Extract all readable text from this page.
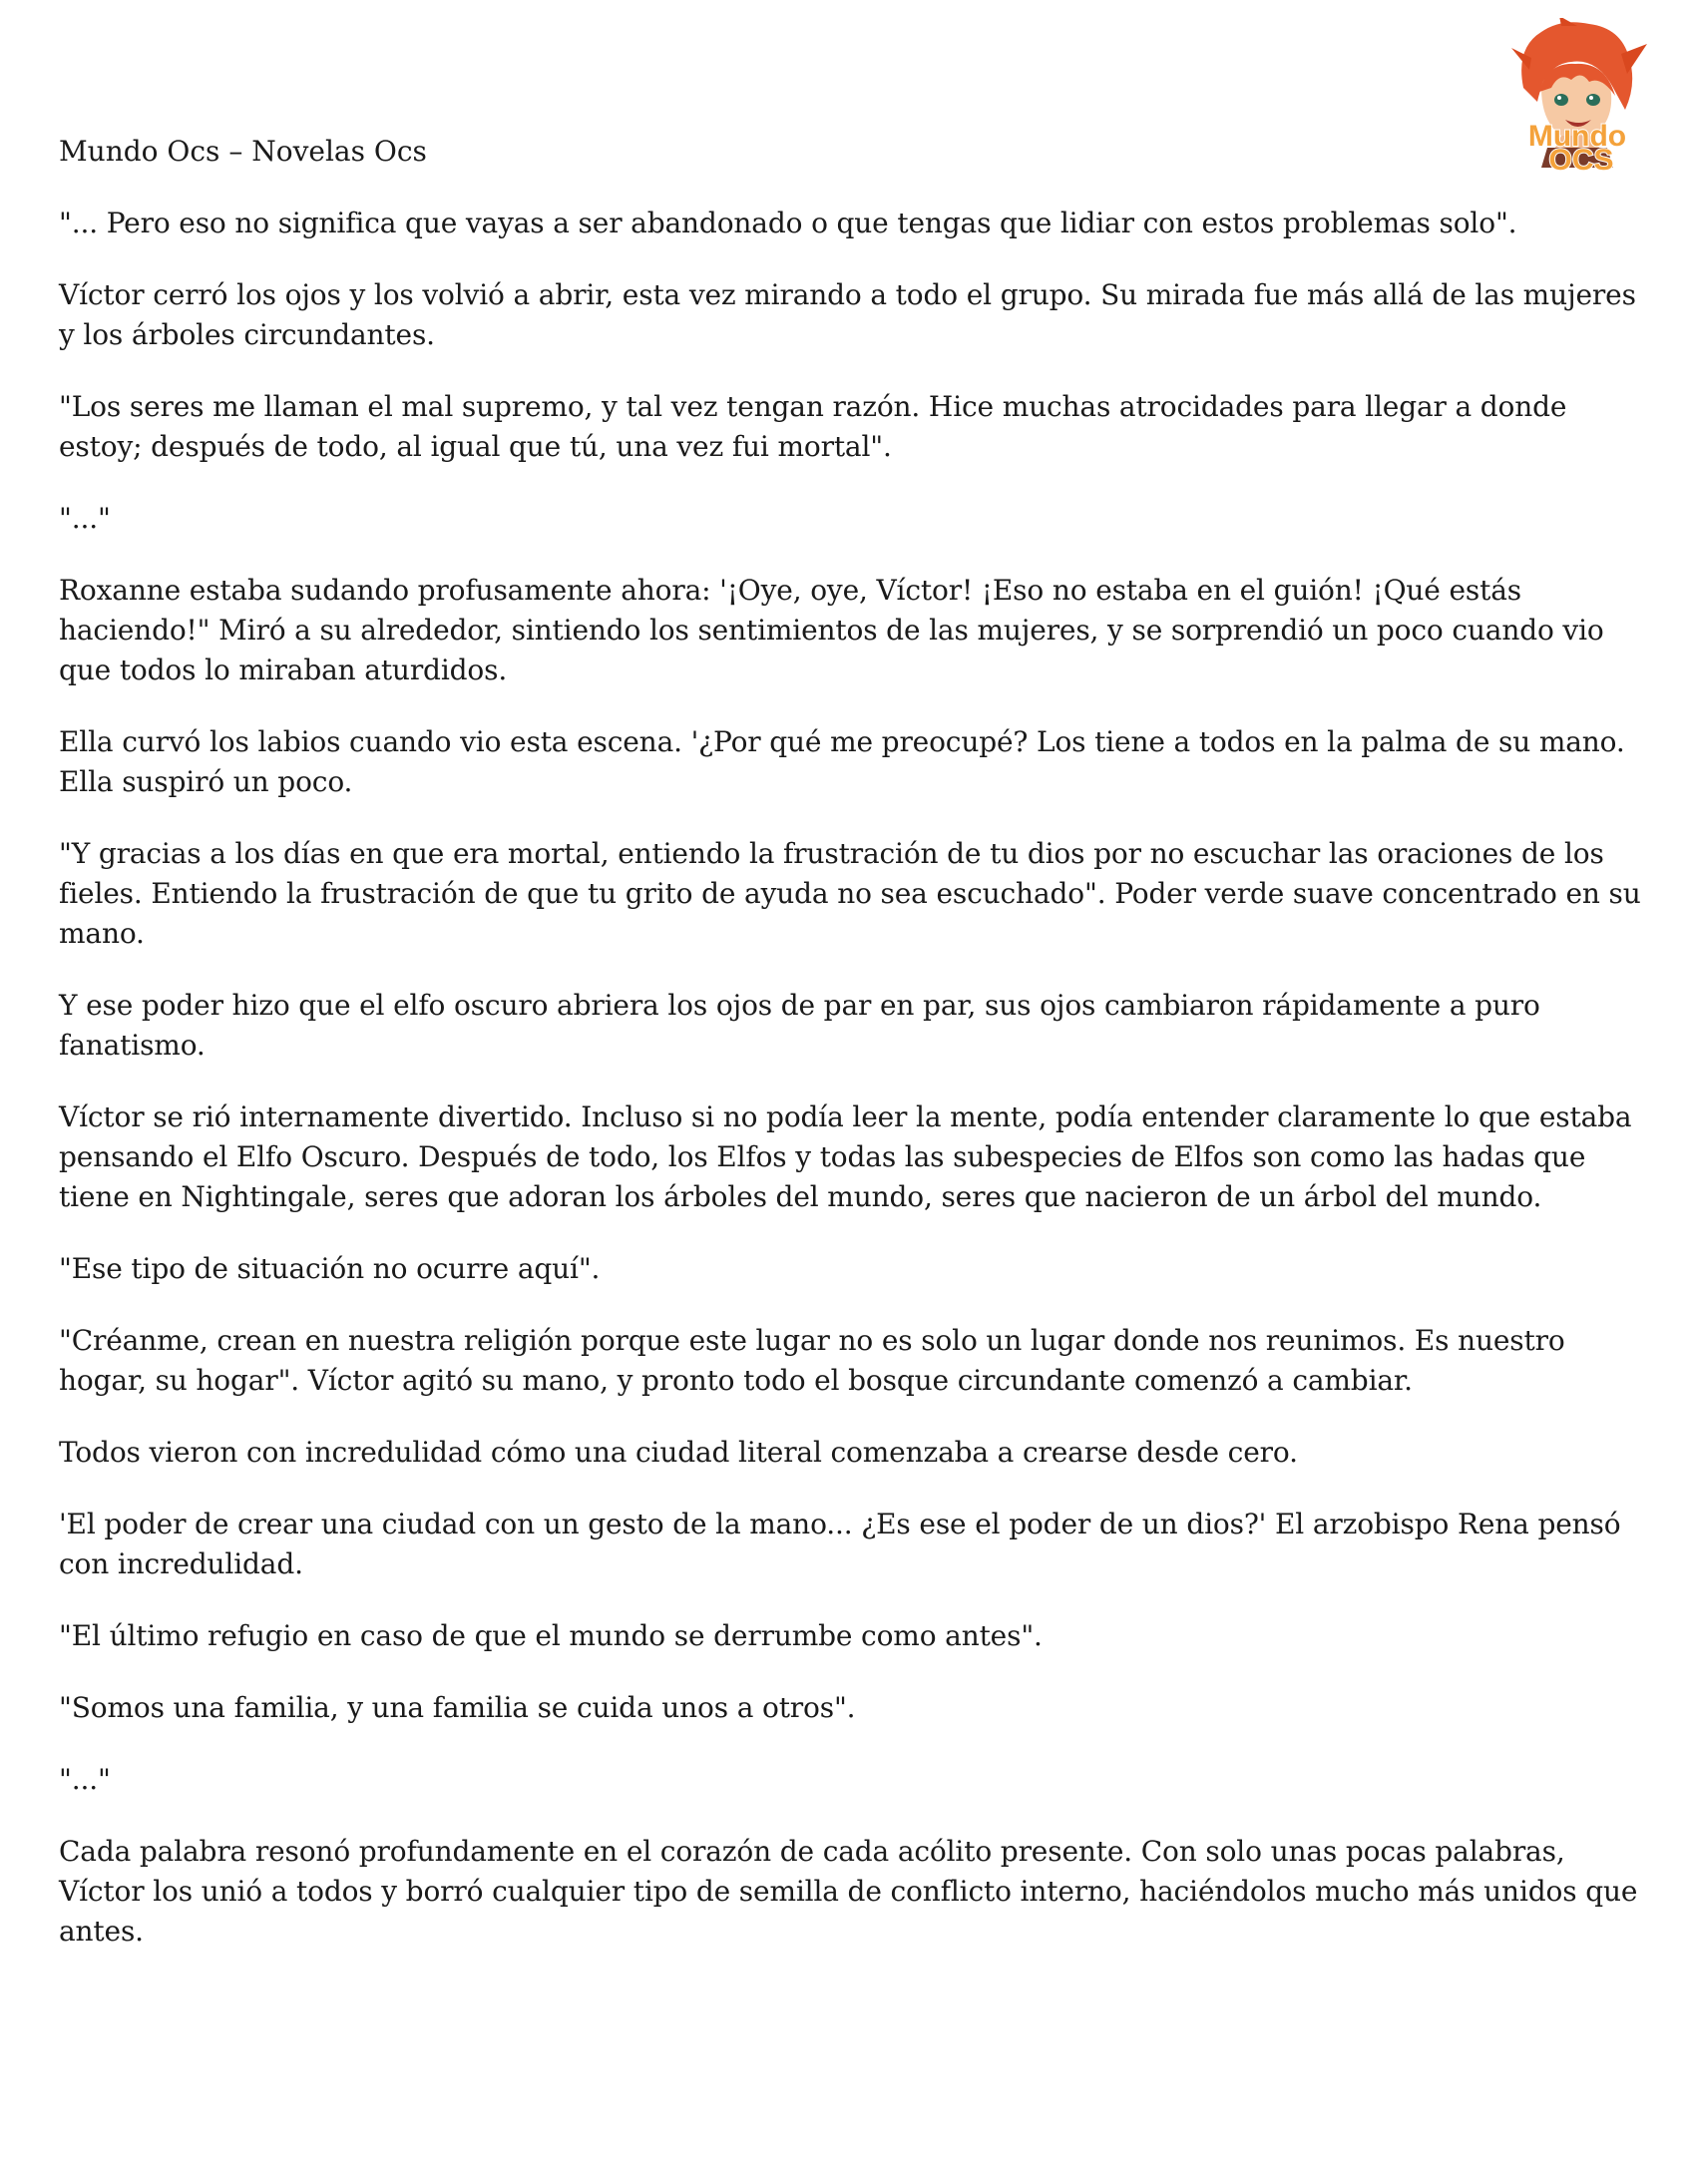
Mundo Ocs – Novelas Ocs	Mundo
OCS

"... Pero eso no significa que vayas a ser abandonado o que tengas que lidiar con estos problemas solo".

Víctor cerró los ojos y los volvió a abrir, esta vez mirando a todo el grupo. Su mirada fue más allá de las mujeres y los árboles circundantes.

"Los seres me llaman el mal supremo, y tal vez tengan razón. Hice muchas atrocidades para llegar a donde estoy; después de todo, al igual que tú, una vez fui mortal".

"..."

Roxanne estaba sudando profusamente ahora: '¡Oye, oye, Víctor! ¡Eso no estaba en el guión! ¡Qué estás haciendo!" Miró a su alrededor, sintiendo los sentimientos de las mujeres, y se sorprendió un poco cuando vio que todos lo miraban aturdidos.

Ella curvó los labios cuando vio esta escena. '¿Por qué me preocupé? Los tiene a todos en la palma de su mano. Ella suspiró un poco.

"Y gracias a los días en que era mortal, entiendo la frustración de tu dios por no escuchar las oraciones de los fieles. Entiendo la frustración de que tu grito de ayuda no sea escuchado". Poder verde suave concentrado en su mano.

Y ese poder hizo que el elfo oscuro abriera los ojos de par en par, sus ojos cambiaron rápidamente a puro fanatismo.

Víctor se rió internamente divertido. Incluso si no podía leer la mente, podía entender claramente lo que estaba pensando el Elfo Oscuro. Después de todo, los Elfos y todas las subespecies de Elfos son como las hadas que tiene en Nightingale, seres que adoran los árboles del mundo, seres que nacieron de un árbol del mundo.

"Ese tipo de situación no ocurre aquí".

"Créanme, crean en nuestra religión porque este lugar no es solo un lugar donde nos reunimos. Es nuestro hogar, su hogar". Víctor agitó su mano, y pronto todo el bosque circundante comenzó a cambiar.

Todos vieron con incredulidad cómo una ciudad literal comenzaba a crearse desde cero.

'El poder de crear una ciudad con un gesto de la mano... ¿Es ese el poder de un dios?' El arzobispo Rena pensó con incredulidad.

"El último refugio en caso de que el mundo se derrumbe como antes".

"Somos una familia, y una familia se cuida unos a otros".

"..."

Cada palabra resonó profundamente en el corazón de cada acólito presente. Con solo unas pocas palabras, Víctor los unió a todos y borró cualquier tipo de semilla de conflicto interno, haciéndolos mucho más unidos que antes.
